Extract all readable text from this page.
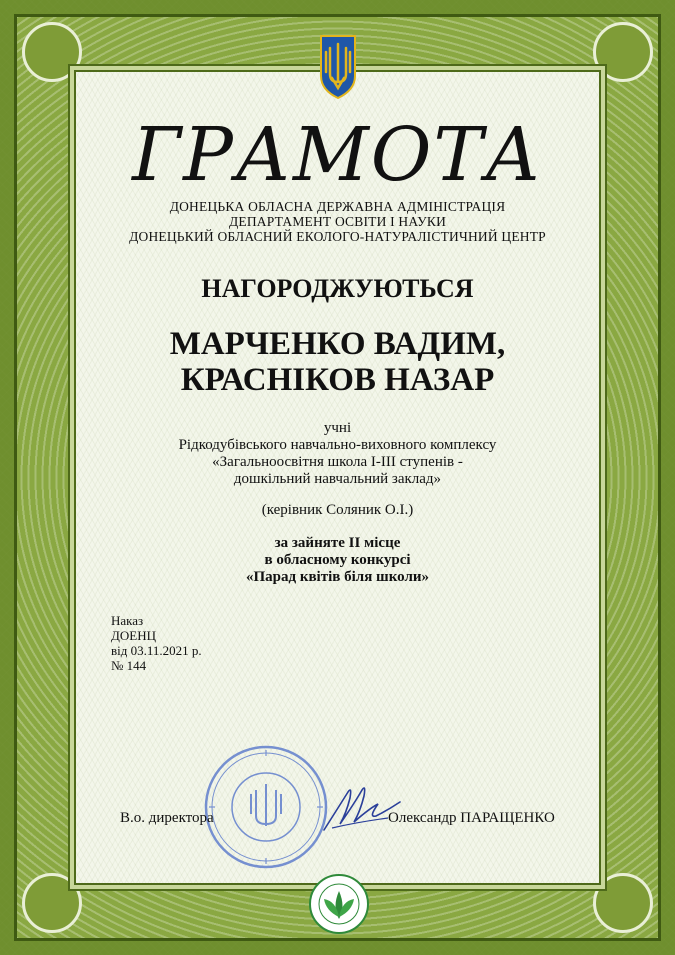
ГРАМОТА
ДОНЕЦЬКА ОБЛАСНА ДЕРЖАВНА АДМІНІСТРАЦІЯ
ДЕПАРТАМЕНТ ОСВІТИ І НАУКИ
ДОНЕЦЬКИЙ ОБЛАСНИЙ ЕКОЛОГО-НАТУРАЛІСТИЧНИЙ ЦЕНТР
НАГОРОДЖУЮТЬСЯ
МАРЧЕНКО ВАДИМ,
КРАСНІКОВ НАЗАР
учні
Рідкодубівського навчально-виховного комплексу
«Загальноосвітня школа І-ІІІ ступенів -
дошкільний навчальний заклад»
(керівник Соляник О.І.)
за зайняте ІІ місце
в обласному конкурсі
«Парад квітів біля школи»
Наказ
ДОЕНЦ
від 03.11.2021 р.
№ 144
В.о. директора	Олександр ПАРАЩЕНКО
